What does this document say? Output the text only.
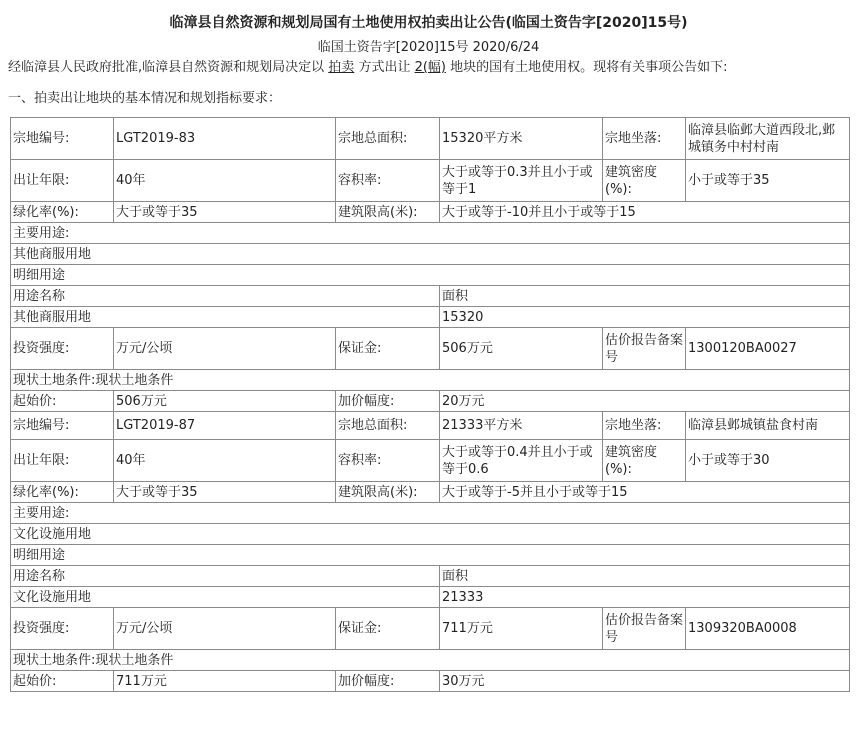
临漳县自然资源和规划局国有土地使用权拍卖出让公告(临国土资告字[2020]15号)
临国土资告字[2020]15号 2020/6/24
经临漳县人民政府批准,临漳县自然资源和规划局决定以 拍卖 方式出让 2(幅) 地块的国有土地使用权。现将有关事项公告如下:
一、拍卖出让地块的基本情况和规划指标要求：
宗地编号:	LGT2019-83	宗地总面积:	15320平方米	宗地坐落:	临漳县临邺大道西段北,邺城镇务中村村南
出让年限:	40年	容积率:	大于或等于0.3并且小于或等于1	建筑密度(%):	小于或等于35
绿化率(%):	大于或等于35	建筑限高(米):	大于或等于-10并且小于或等于15		
主要用途:					
其他商服用地					
明细用途					
用途名称			面积		
其他商服用地			15320		
投资强度:	万元/公顷	保证金:	506万元	估价报告备案号	1300120BA0027
现状土地条件:现状土地条件					
起始价:	506万元	加价幅度:	20万元		
宗地编号:	LGT2019-87	宗地总面积:	21333平方米	宗地坐落:	临漳县邺城镇盐食村南
出让年限:	40年	容积率:	大于或等于0.4并且小于或等于0.6	建筑密度(%):	小于或等于30
绿化率(%):	大于或等于35	建筑限高(米):	大于或等于-5并且小于或等于15		
主要用途:					
文化设施用地					
明细用途					
用途名称			面积		
文化设施用地			21333		
投资强度:	万元/公顷	保证金:	711万元	估价报告备案号	1309320BA0008
现状土地条件:现状土地条件					
起始价:	711万元	加价幅度:	30万元		
